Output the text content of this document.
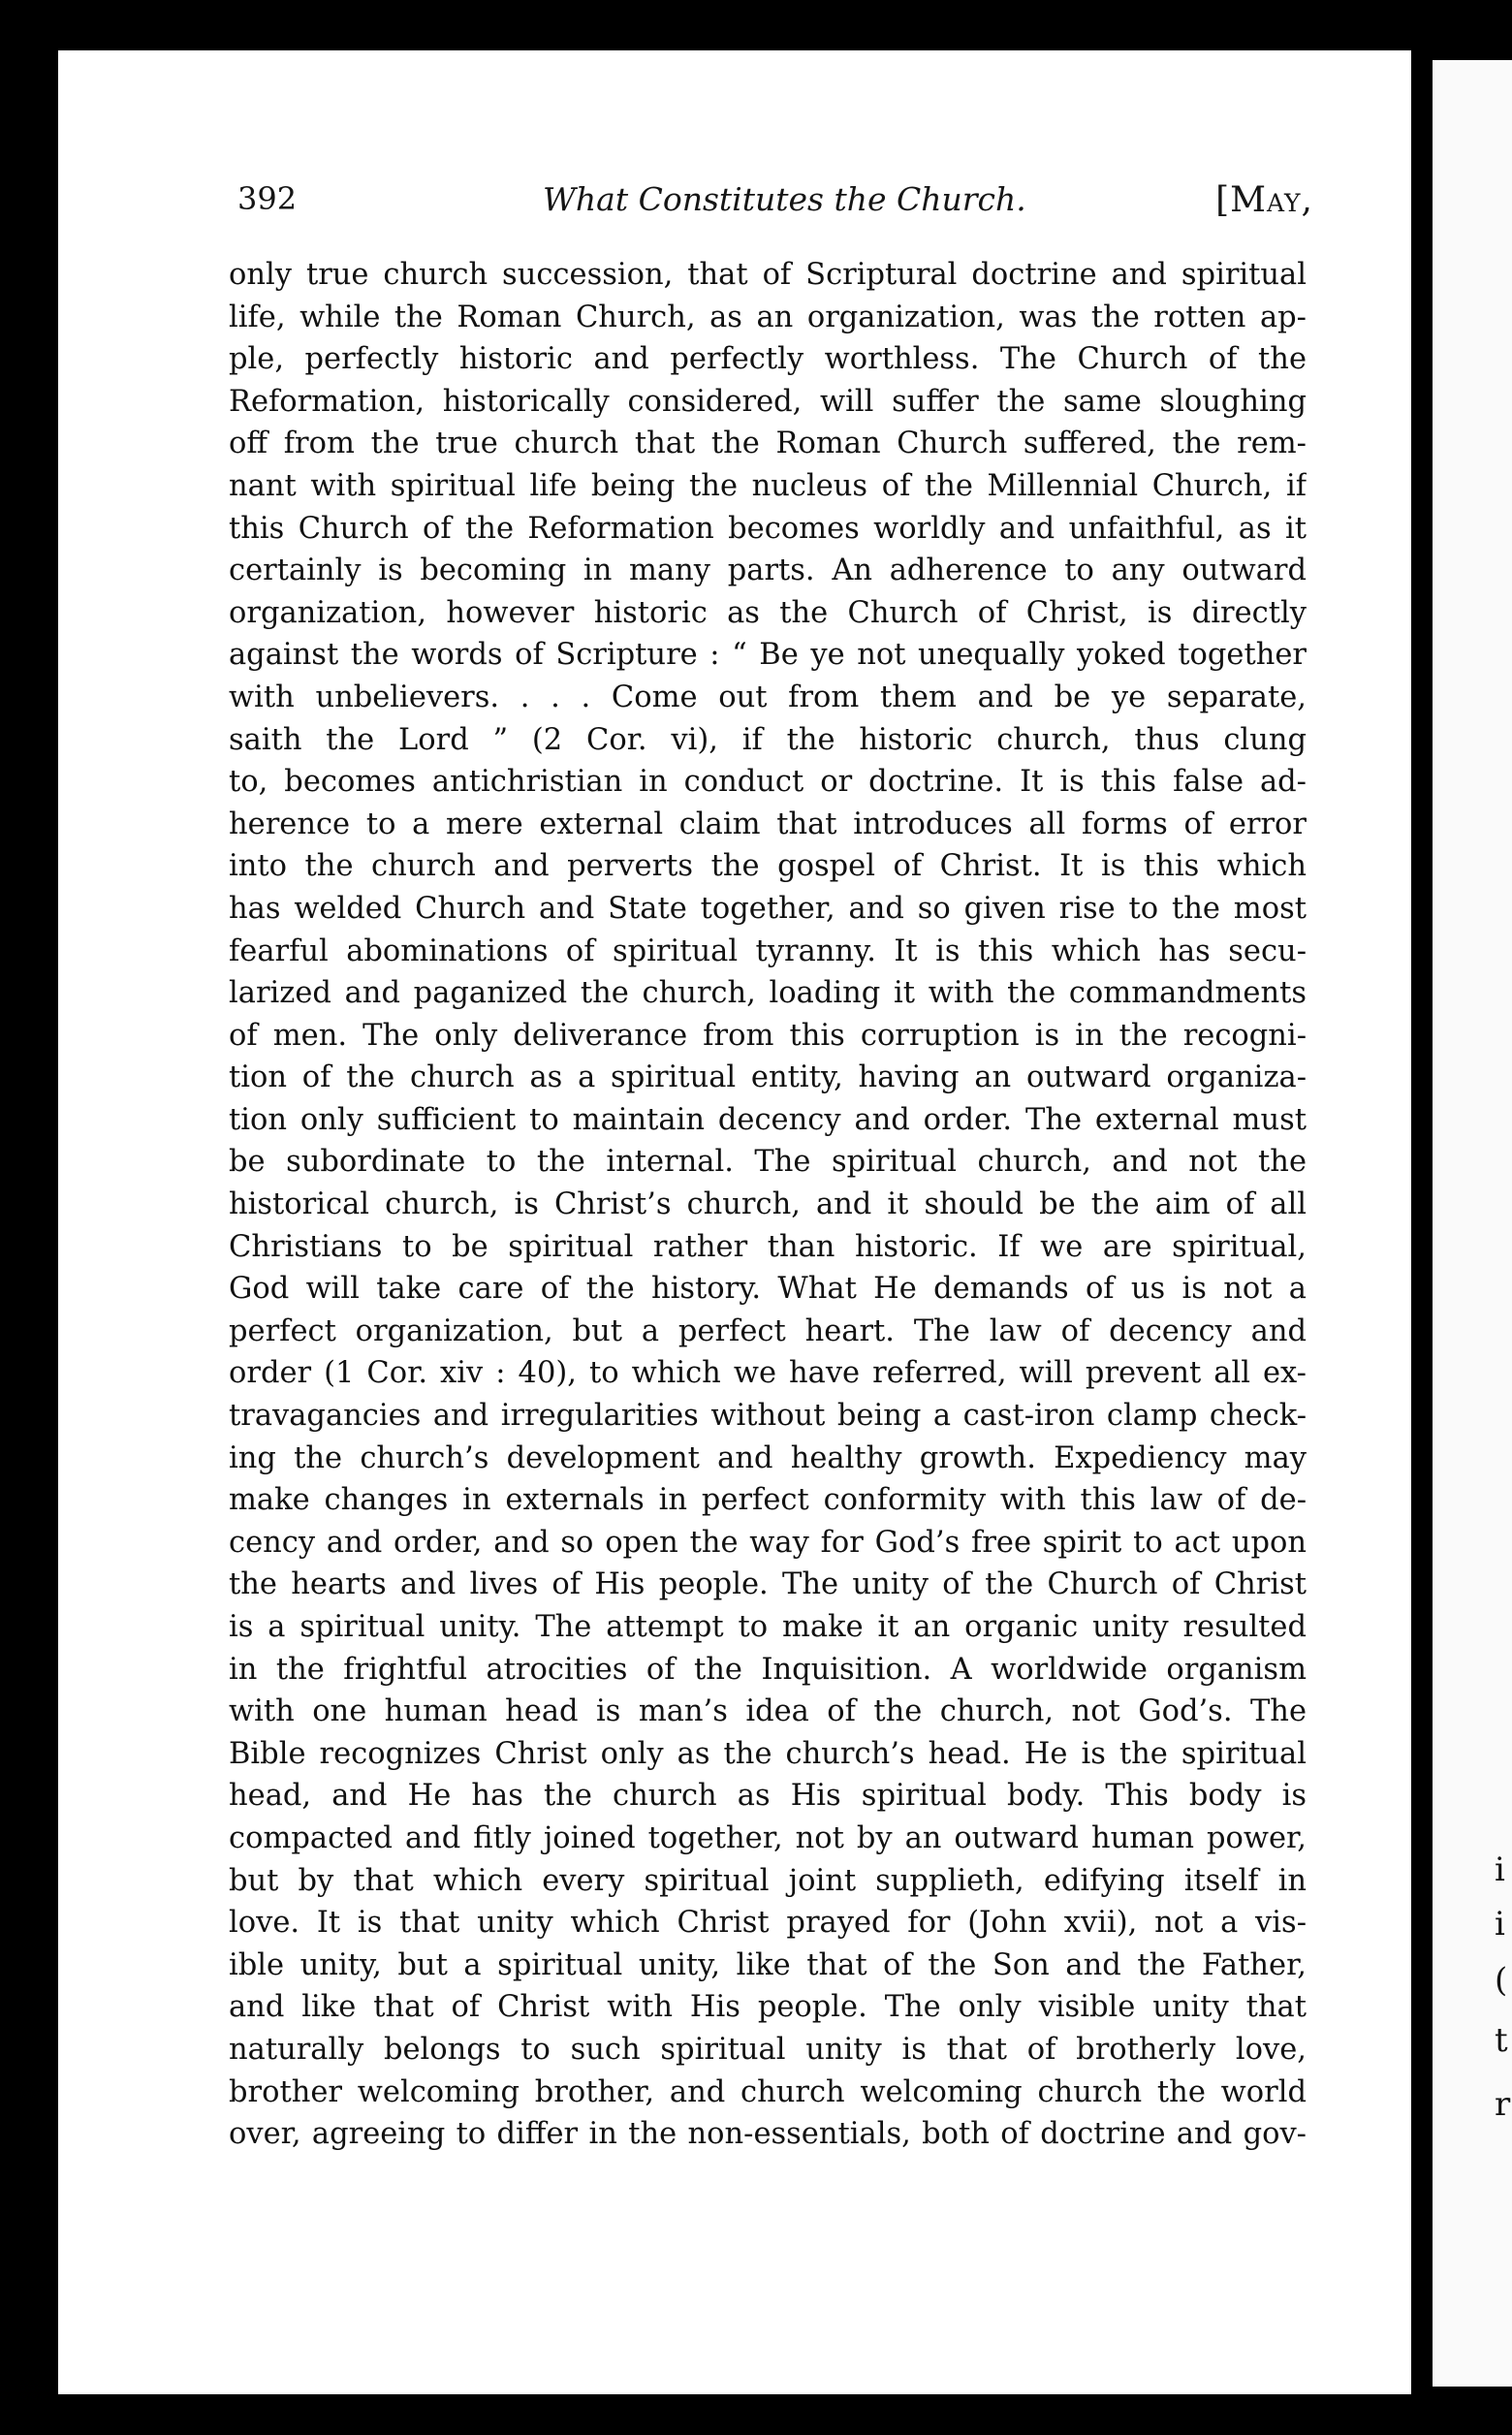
i
i
(
t
r
392	What Constitutes the Church.	[May,
only true church succession, that of Scriptural doctrine and spiritual
life, while the Roman Church, as an organization, was the rotten ap-
ple, perfectly historic and perfectly worthless. The Church of the
Reformation, historically considered, will suffer the same sloughing
off from the true church that the Roman Church suffered, the rem-
nant with spiritual life being the nucleus of the Millennial Church, if
this Church of the Reformation becomes worldly and unfaithful, as it
certainly is becoming in many parts. An adherence to any outward
organization, however historic as the Church of Christ, is directly
against the words of Scripture : “ Be ye not unequally yoked together
with unbelievers. . . . Come out from them and be ye separate,
saith the Lord ” (2 Cor. vi), if the historic church, thus clung
to, becomes antichristian in conduct or doctrine. It is this false ad-
herence to a mere external claim that introduces all forms of error
into the church and perverts the gospel of Christ. It is this which
has welded Church and State together, and so given rise to the most
fearful abominations of spiritual tyranny. It is this which has secu-
larized and paganized the church, loading it with the commandments
of men. The only deliverance from this corruption is in the recogni-
tion of the church as a spiritual entity, having an outward organiza-
tion only sufficient to maintain decency and order. The external must
be subordinate to the internal. The spiritual church, and not the
historical church, is Christ’s church, and it should be the aim of all
Christians to be spiritual rather than historic. If we are spiritual,
God will take care of the history. What He demands of us is not a
perfect organization, but a perfect heart. The law of decency and
order (1 Cor. xiv : 40), to which we have referred, will prevent all ex-
travagancies and irregularities without being a cast-iron clamp check-
ing the church’s development and healthy growth. Expediency may
make changes in externals in perfect conformity with this law of de-
cency and order, and so open the way for God’s free spirit to act upon
the hearts and lives of His people. The unity of the Church of Christ
is a spiritual unity. The attempt to make it an organic unity resulted
in the frightful atrocities of the Inquisition. A worldwide organism
with one human head is man’s idea of the church, not God’s. The
Bible recognizes Christ only as the church’s head. He is the spiritual
head, and He has the church as His spiritual body. This body is
compacted and fitly joined together, not by an outward human power,
but by that which every spiritual joint supplieth, edifying itself in
love. It is that unity which Christ prayed for (John xvii), not a vis-
ible unity, but a spiritual unity, like that of the Son and the Father,
and like that of Christ with His people. The only visible unity that
naturally belongs to such spiritual unity is that of brotherly love,
brother welcoming brother, and church welcoming church the world
over, agreeing to differ in the non-essentials, both of doctrine and gov-
